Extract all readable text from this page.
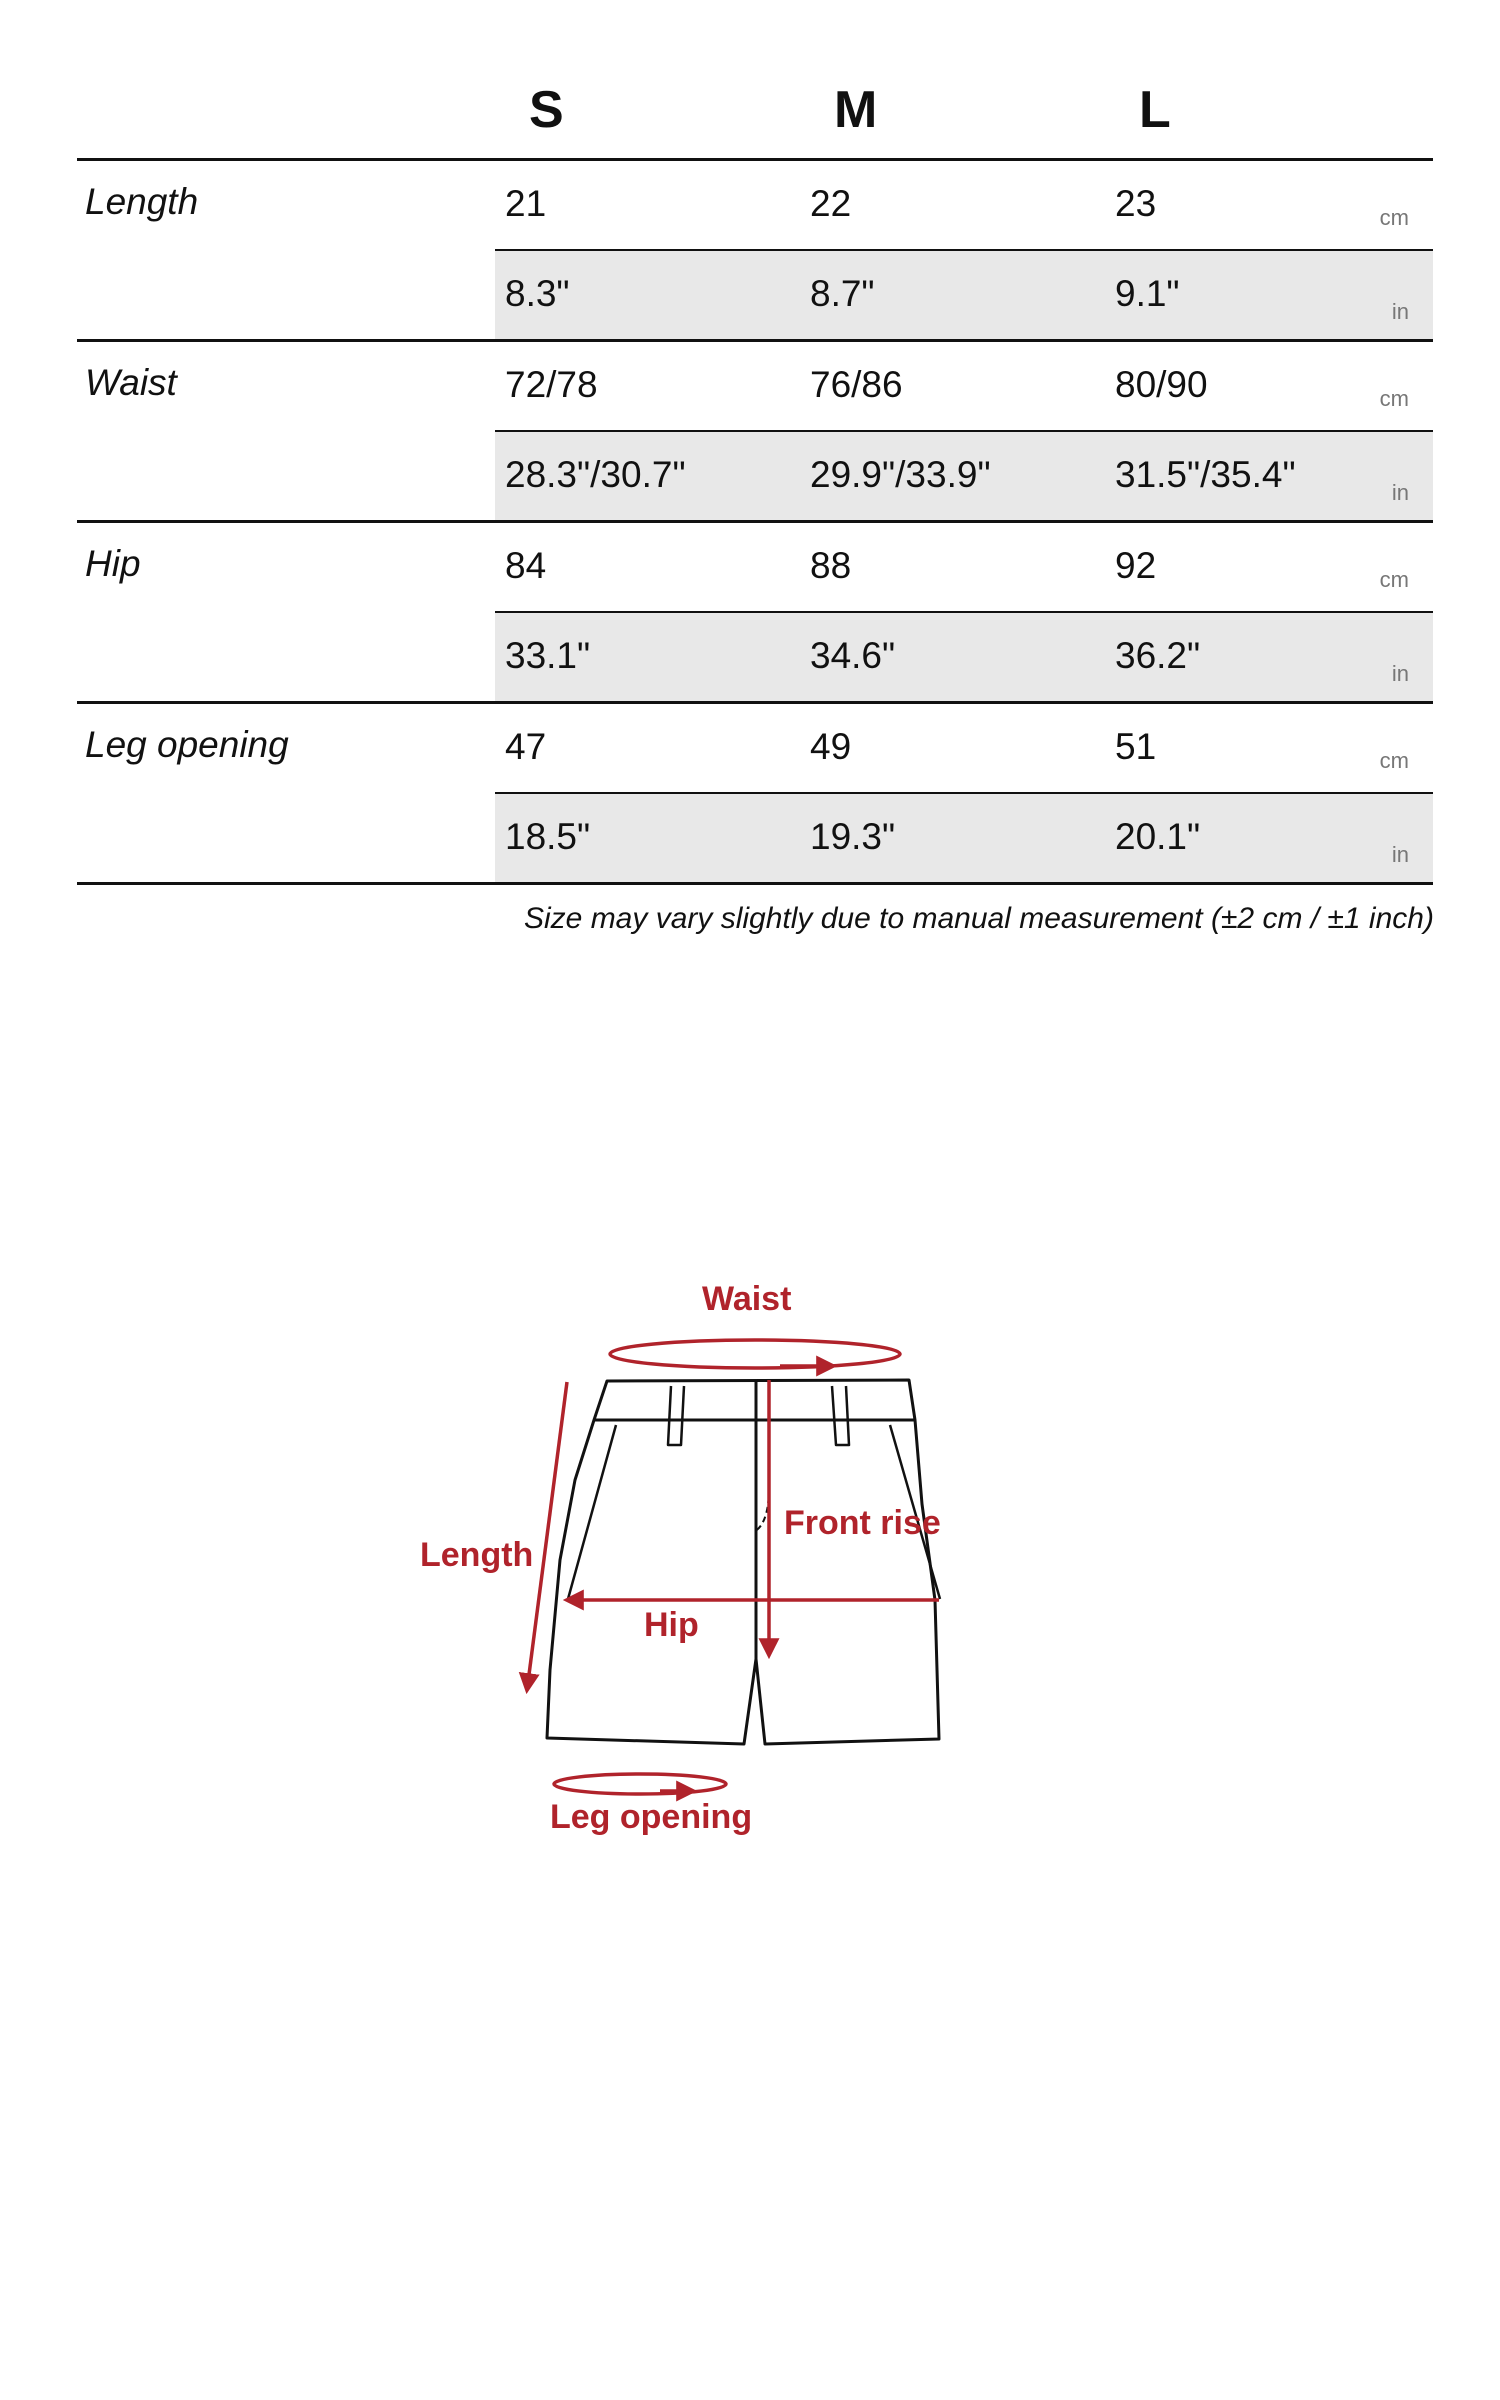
S	M	L
Length	21	22	23	cm
8.3"	8.7"	9.1"	in
Waist	72/78	76/86	80/90	cm
28.3"/30.7"	29.9"/33.9"	31.5"/35.4"	in
Hip	84	88	92	cm
33.1"	34.6"	36.2"	in
Leg opening	47	49	51	cm
18.5"	19.3"	20.1"	in
Size may vary slightly due to manual measurement (±2 cm / ±1 inch)
Waist
Length
Front rise
Hip
Leg opening
